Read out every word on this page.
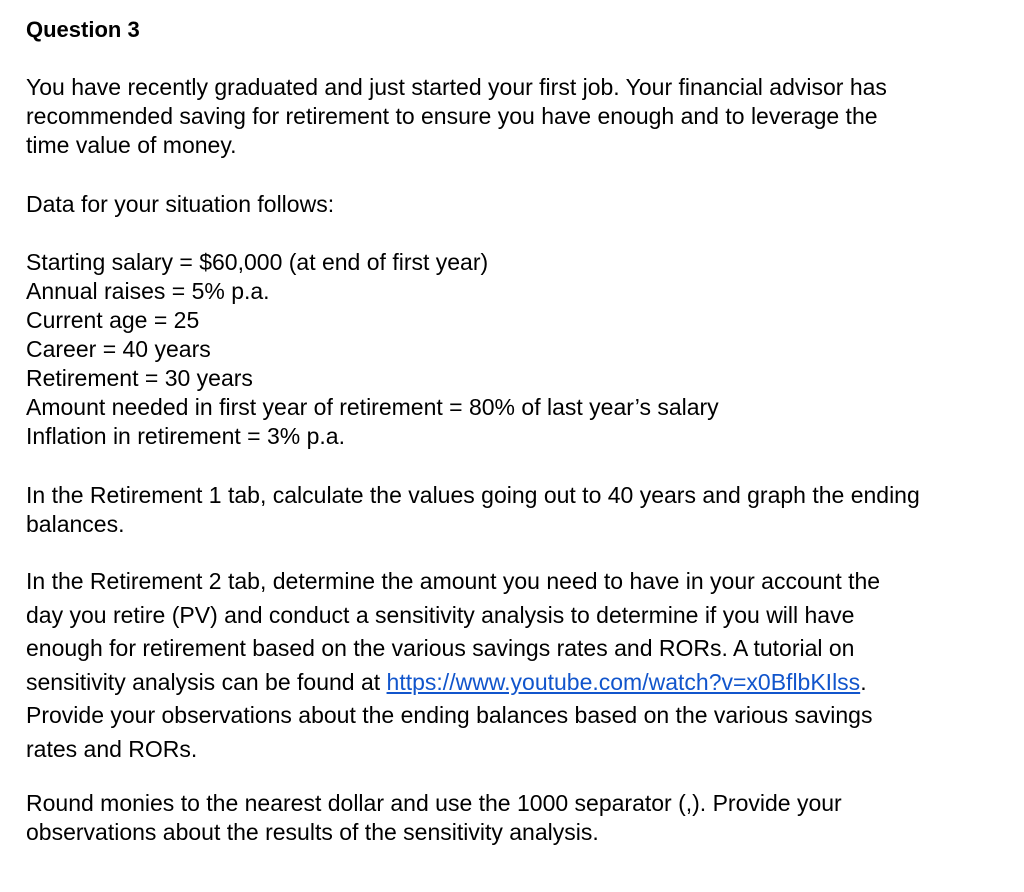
Question 3
You have recently graduated and just started your first job. Your financial advisor has
recommended saving for retirement to ensure you have enough and to leverage the
time value of money.
Data for your situation follows:
Starting salary = $60,000 (at end of first year)
Annual raises = 5% p.a.
Current age = 25
Career = 40 years
Retirement = 30 years
Amount needed in first year of retirement = 80% of last year’s salary
Inflation in retirement = 3% p.a.
In the Retirement 1 tab, calculate the values going out to 40 years and graph the ending
balances.
In the Retirement 2 tab, determine the amount you need to have in your account the
day you retire (PV) and conduct a sensitivity analysis to determine if you will have
enough for retirement based on the various savings rates and RORs. A tutorial on
sensitivity analysis can be found at https://www.youtube.com/watch?v=x0BflbKIlss.
Provide your observations about the ending balances based on the various savings
rates and RORs.
Round monies to the nearest dollar and use the 1000 separator (,). Provide your
observations about the results of the sensitivity analysis.
